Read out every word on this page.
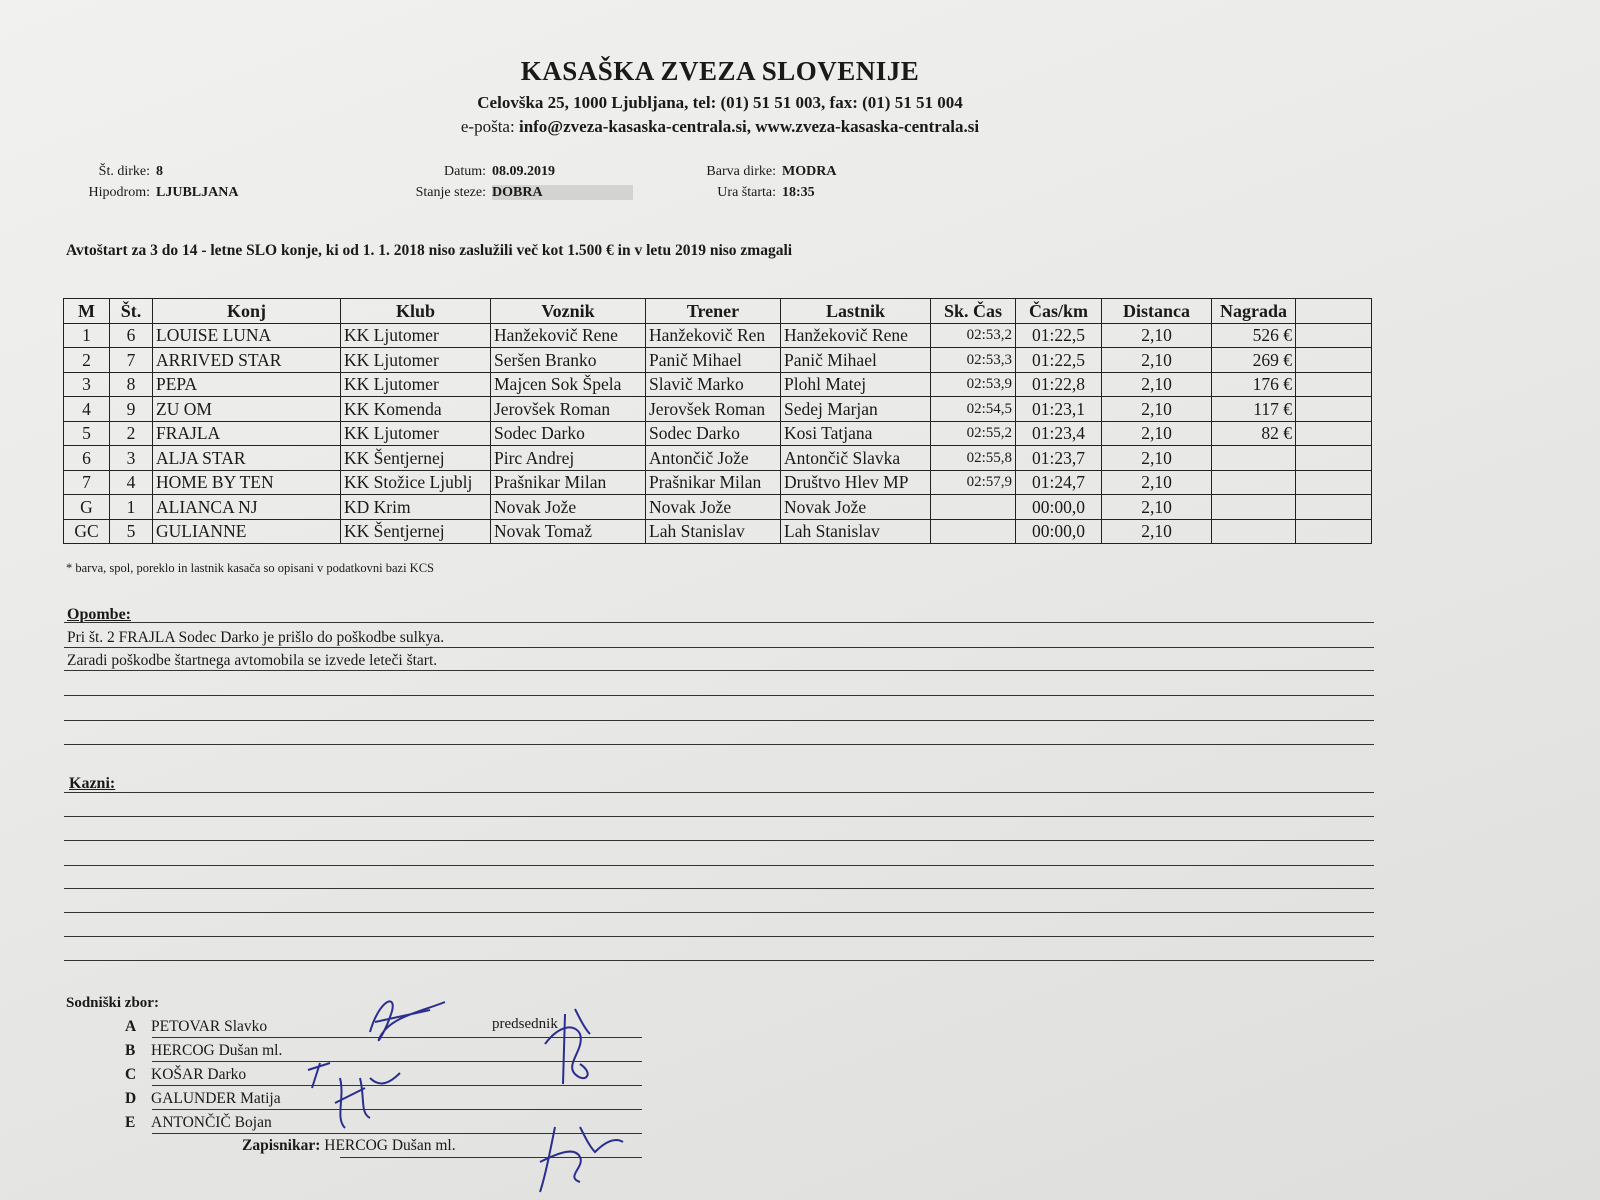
KASAŠKA ZVEZA SLOVENIJE
Celovška 25, 1000 Ljubljana, tel: (01) 51 51 003, fax: (01) 51 51 004
e-pošta: info@zveza-kasaska-centrala.si, www.zveza-kasaska-centrala.si
Št. dirke: 8
Hipodrom: LJUBLJANA
Datum: 08.09.2019
Stanje steze: DOBRA
Barva dirke: MODRA
Ura štarta: 18:35
Avtoštart za 3 do 14 - letne SLO konje, ki od 1. 1. 2018 niso zaslužili več kot 1.500 € in v letu 2019 niso zmagali
M	Št.	Konj	Klub	Voznik	Trener	Lastnik	Sk. Čas	Čas/km	Distanca	Nagrada	
1	6	LOUISE LUNA	KK Ljutomer	Hanžekovič Rene	Hanžekovič Ren	Hanžekovič Rene	02:53,2	01:22,5	2,10	526 €	
2	7	ARRIVED STAR	KK Ljutomer	Seršen Branko	Panič Mihael	Panič Mihael	02:53,3	01:22,5	2,10	269 €	
3	8	PEPA	KK Ljutomer	Majcen Sok Špela	Slavič Marko	Plohl Matej	02:53,9	01:22,8	2,10	176 €	
4	9	ZU OM	KK Komenda	Jerovšek Roman	Jerovšek Roman	Sedej Marjan	02:54,5	01:23,1	2,10	117 €	
5	2	FRAJLA	KK Ljutomer	Sodec Darko	Sodec Darko	Kosi Tatjana	02:55,2	01:23,4	2,10	82 €	
6	3	ALJA STAR	KK Šentjernej	Pirc Andrej	Antončič Jože	Antončič Slavka	02:55,8	01:23,7	2,10		
7	4	HOME BY TEN	KK Stožice Ljublj	Prašnikar Milan	Prašnikar Milan	Društvo Hlev MP	02:57,9	01:24,7	2,10		
G	1	ALIANCA NJ	KD Krim	Novak Jože	Novak Jože	Novak Jože		00:00,0	2,10		
GC	5	GULIANNE	KK Šentjernej	Novak Tomaž	Lah Stanislav	Lah Stanislav		00:00,0	2,10		
* barva, spol, poreklo in lastnik kasača so opisani v podatkovni bazi KCS
Opombe:
Pri št. 2 FRAJLA Sodec Darko je prišlo do poškodbe sulkya.
Zaradi poškodbe štartnega avtomobila se izvede leteči štart.
Kazni:
Sodniški zbor:
A PETOVAR Slavko
B HERCOG Dušan ml.
C KOŠAR Darko
D GALUNDER Matija
E ANTONČIČ Bojan
predsednik
Zapisnikar: HERCOG Dušan ml.
